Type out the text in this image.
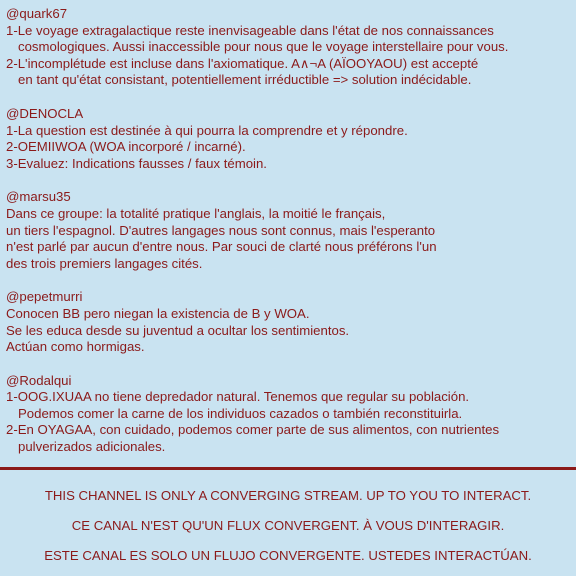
@quark67
1-Le voyage extragalactique reste inenvisageable dans l'état de nos connaissances
cosmologiques. Aussi inaccessible pour nous que le voyage interstellaire pour vous.
2-L'incomplétude est incluse dans l'axiomatique. A∧¬A (AÏOOYAOU) est accepté
en tant qu'état consistant, potentiellement irréductible => solution indécidable.
@DENOCLA
1-La question est destinée à qui pourra la comprendre et y répondre.
2-OEMIIWOA (WOA incorporé / incarné).
3-Evaluez: Indications fausses / faux témoin.
@marsu35
Dans ce groupe: la totalité pratique l'anglais, la moitié le français,
un tiers l'espagnol. D'autres langages nous sont connus, mais l'esperanto
n'est parlé par aucun d'entre nous. Par souci de clarté nous préférons l'un
des trois premiers langages cités.
@pepetmurri
Conocen BB pero niegan la existencia de B y WOA.
Se les educa desde su juventud a ocultar los sentimientos.
Actúan como hormigas.
@Rodalqui
1-OOG.IXUAA no tiene depredador natural. Tenemos que regular su población.
Podemos comer la carne de los individuos cazados o también reconstituirla.
2-En OYAGAA, con cuidado, podemos comer parte de sus alimentos, con nutrientes
pulverizados adicionales.
THIS CHANNEL IS ONLY A CONVERGING STREAM. UP TO YOU TO INTERACT.
CE CANAL N'EST QU'UN FLUX CONVERGENT. À VOUS D'INTERAGIR.
ESTE CANAL ES SOLO UN FLUJO CONVERGENTE. USTEDES INTERACTÚAN.
